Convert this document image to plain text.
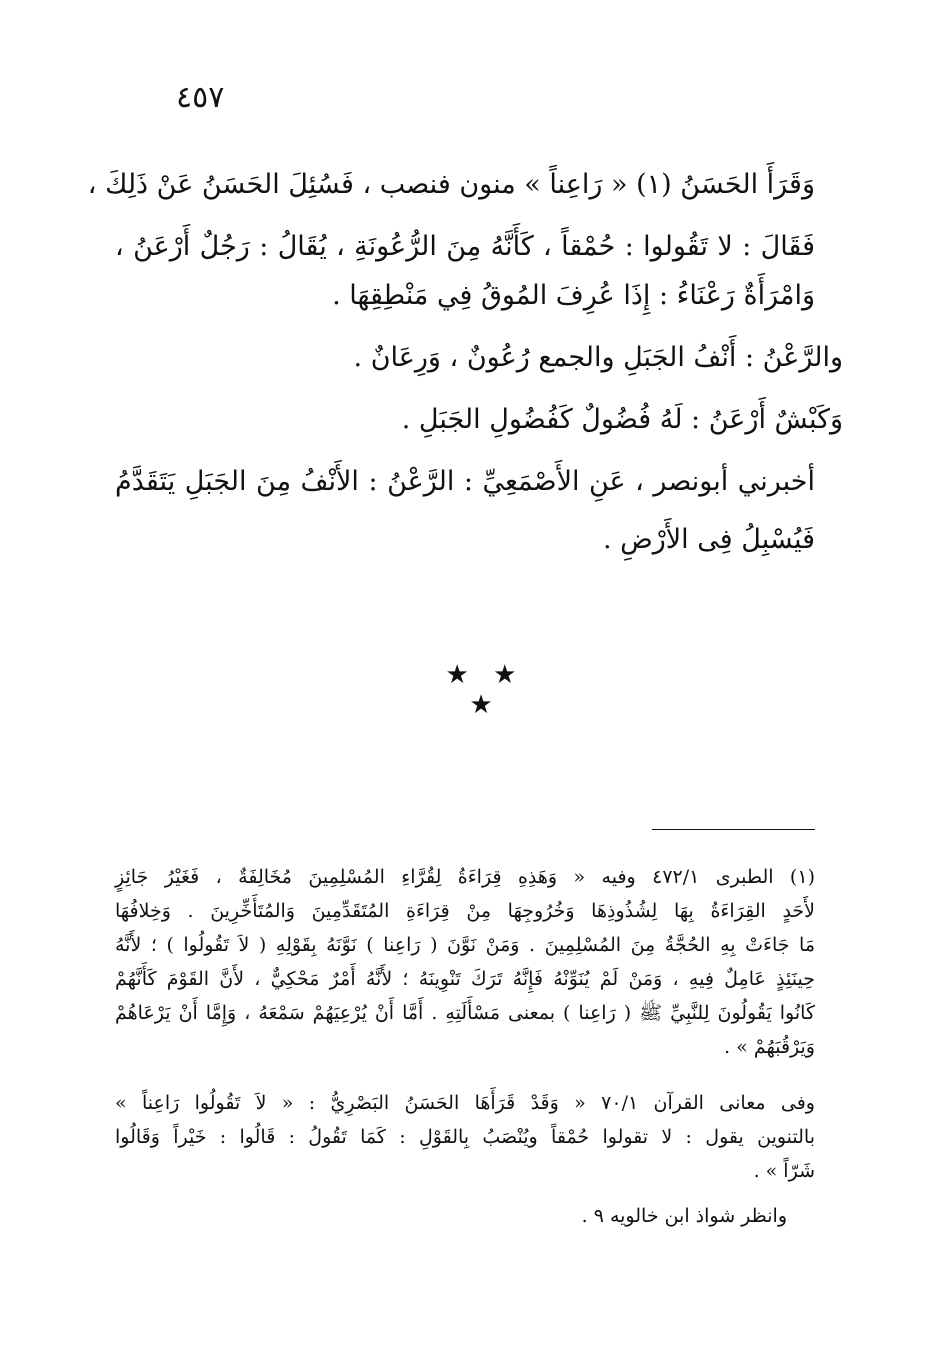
٤٥٧
وَقَرَأَ الحَسَنُ (١) « رَاعِناً » منون فنصب ، فَسُئِلَ الحَسَنُ عَنْ ذَلِكَ ،
فَقَالَ : لا تَقُولوا : حُمْقاً ، كَأَنَّهُ مِنَ الرُّعُونَةِ ، يُقَالُ : رَجُلٌ أَرْعَنُ ،
وَامْرَأَةٌ رَعْنَاءُ : إِذَا عُرِفَ المُوقُ فِي مَنْطِقِهَا .
والرَّعْنُ : أَنْفُ الجَبَلِ والجمع رُعُونٌ ، وَرِعَانٌ .
وَكَبْشٌ أَرْعَنُ : لَهُ فُضُولٌ كَفُضُولِ الجَبَلِ .
أخبرني أبونصر ، عَنِ الأَصْمَعِيِّ : الرَّعْنُ : الأَنْفُ مِنَ الجَبَلِ يَتَقَدَّمُ
فَيُسْبِلُ فِى الأَرْضِ .
★ ★ ★
(١) الطبرى ٤٧٢/١ وفيه « وَهَذِهِ قِرَاءَةُ لِقُرَّاءِ المُسْلِمِينَ مُخَالِفَةٌ ، فَغَيْرُ جَائِزٍ
لأَحَدٍ القِرَاءَةُ بِهَا لِشُذُوذِهَا وَخُرُوجِهَا مِنْ قِرَاءَةِ المُتَقَدِّمِينَ وَالمُتَأَخِّرِينَ . وَخِلافُهَا
مَا جَاءَتْ بِهِ الحُجَّةُ مِنَ المُسْلِمِينَ . وَمَنْ نَوَّنَ ( رَاعِنا ) نَوَّنَهُ بِقَوْلِهِ ( لاَ تَقُولُوا ) ؛ لأَنَّهُ
حِينَئِذٍ عَامِلٌ فِيهِ ، وَمَنْ لَمْ يُنَوِّنْهُ فَإِنَّهُ تَرَكَ تَنْوِينَهُ ؛ لأَنَّهُ أَمْرٌ مَحْكِيٌّ ، لأَنَّ القَوْمَ كَأَنَّهُمْ
كَانُوا يَقُولُونَ لِلنَّبِيِّ ﷺ ( رَاعِنا ) بمعنى مَسْأَلَتِهِ . أَمَّا أَنْ يُرْعِيَهُمْ سَمْعَهُ ، وَإِمَّا أَنْ يَرْعَاهُمْ
وَيَرْقُبَهُمْ » .
وفى معانى القرآن ٧٠/١ « وَقَدْ قَرَأَهَا الحَسَنُ البَصْرِيُّ : « لاَ تَقُولُوا رَاعِناً »
بالتنوين يقول : لا تقولوا حُمْقاً ويُنْصَبُ بِالقَوْلِ : كَمَا تَقُولُ : قَالُوا : خَيْراً وَقَالُوا
شَرّاً » .
وانظر شواذ ابن خالويه ٩ .
